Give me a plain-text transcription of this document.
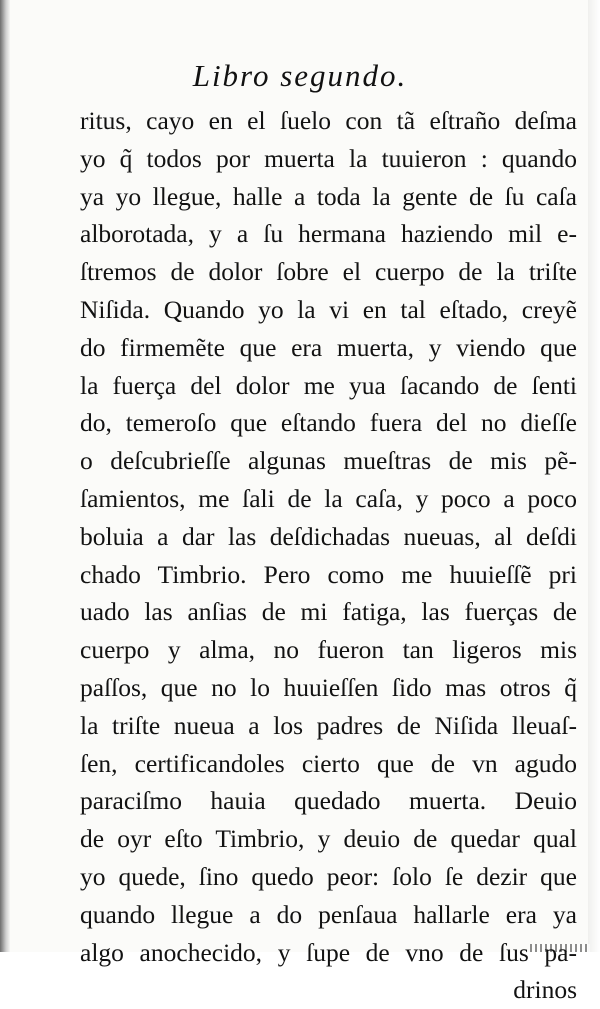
Libro segundo.
ritus, cayo en el ſuelo con tã eſtraño deſma
yo q̃ todos por muerta la tuuieron : quando
ya yo llegue, halle a toda la gente de ſu caſa
alborotada, y a ſu hermana haziendo mil e-
ſtremos de dolor ſobre el cuerpo de la triſte
Niſida. Quando yo la vi en tal eſtado, creyẽ
do firmemẽte que era muerta, y viendo que
la fuerça del dolor me yua ſacando de ſenti
do, temeroſo que eſtando fuera del no dieſſe
o deſcubrieſſe algunas mueſtras de mis pẽ-
ſamientos, me ſali de la caſa, y poco a poco
boluia a dar las deſdichadas nueuas, al deſdi
chado Timbrio. Pero como me huuieſſẽ pri
uado las anſias de mi fatiga, las fuerças de
cuerpo y alma, no fueron tan ligeros mis
paſſos, que no lo huuieſſen ſido mas otros q̃
la triſte nueua a los padres de Niſida lleuaſ-
ſen, certificandoles cierto que de vn agudo
paraciſmo hauia quedado muerta. Deuio
de oyr eſto Timbrio, y deuio de quedar qual
yo quede, ſino quedo peor: ſolo ſe dezir que
quando llegue a do penſaua hallarle era ya
algo anochecido, y ſupe de vno de ſus pa-
drinos
